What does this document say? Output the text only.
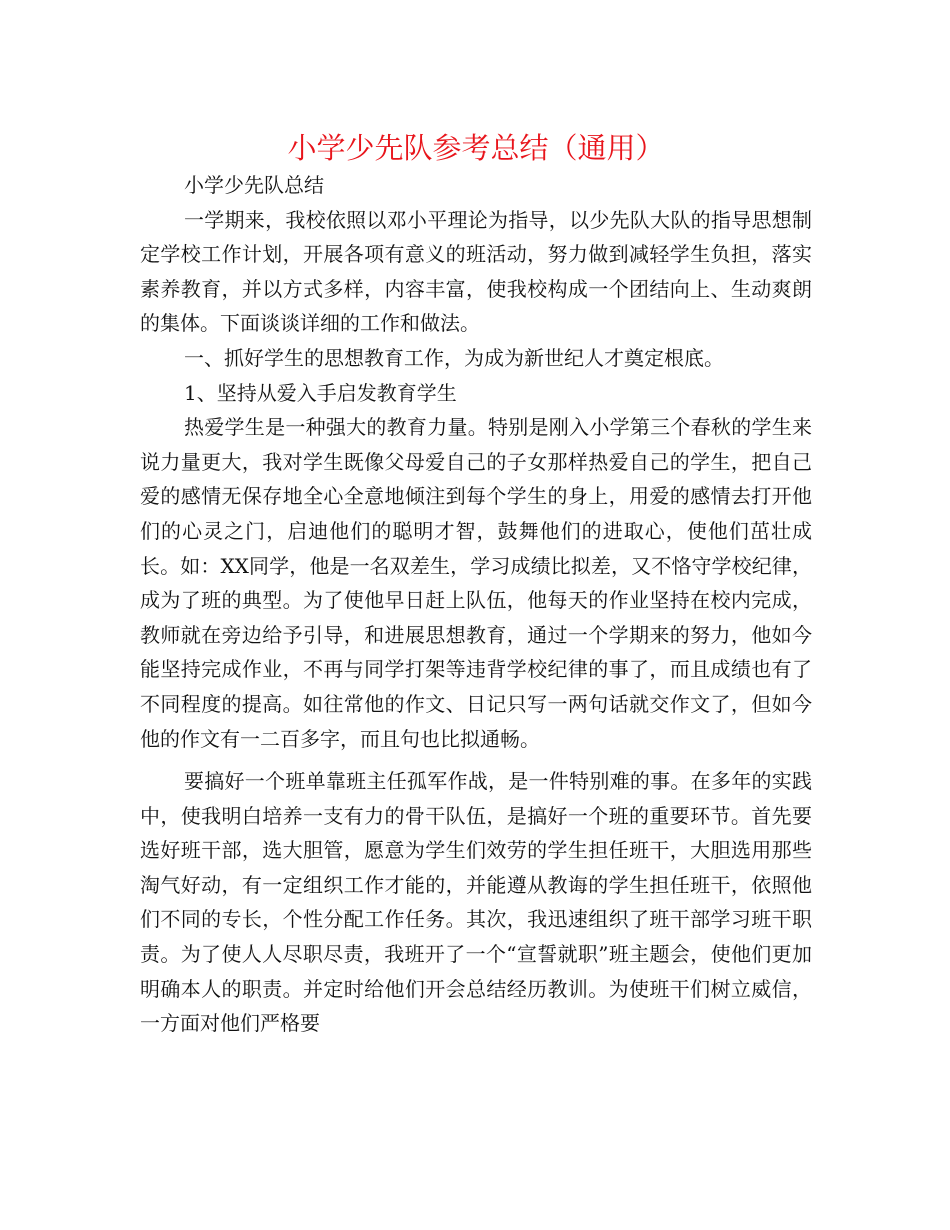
小学少先队参考总结（通用）

小学少先队总结

一学期来，我校依照以邓小平理论为指导，以少先队大队的指导思想制定学校工作计划，开展各项有意义的班活动，努力做到减轻学生负担，落实素养教育，并以方式多样，内容丰富，使我校构成一个团结向上、生动爽朗的集体。下面谈谈详细的工作和做法。

一、抓好学生的思想教育工作，为成为新世纪人才奠定根底。

1、坚持从爱入手启发教育学生

热爱学生是一种强大的教育力量。特别是刚入小学第三个春秋的学生来说力量更大，我对学生既像父母爱自己的子女那样热爱自己的学生，把自己爱的感情无保存地全心全意地倾注到每个学生的身上，用爱的感情去打开他们的心灵之门，启迪他们的聪明才智，鼓舞他们的进取心，使他们茁壮成长。如：XX同学，他是一名双差生，学习成绩比拟差，又不恪守学校纪律，成为了班的典型。为了使他早日赶上队伍，他每天的作业坚持在校内完成，教师就在旁边给予引导，和进展思想教育，通过一个学期来的努力，他如今能坚持完成作业，不再与同学打架等违背学校纪律的事了，而且成绩也有了不同程度的提高。如往常他的作文、日记只写一两句话就交作文了，但如今他的作文有一二百多字，而且句也比拟通畅。

要搞好一个班单靠班主任孤军作战，是一件特别难的事。在多年的实践中，使我明白培养一支有力的骨干队伍，是搞好一个班的重要环节。首先要选好班干部，选大胆管，愿意为学生们效劳的学生担任班干，大胆选用那些淘气好动，有一定组织工作才能的，并能遵从教诲的学生担任班干，依照他们不同的专长，个性分配工作任务。其次，我迅速组织了班干部学习班干职责。为了使人人尽职尽责，我班开了一个“宣誓就职”班主题会，使他们更加明确本人的职责。并定时给他们开会总结经历教训。为使班干们树立威信，一方面对他们严格要
